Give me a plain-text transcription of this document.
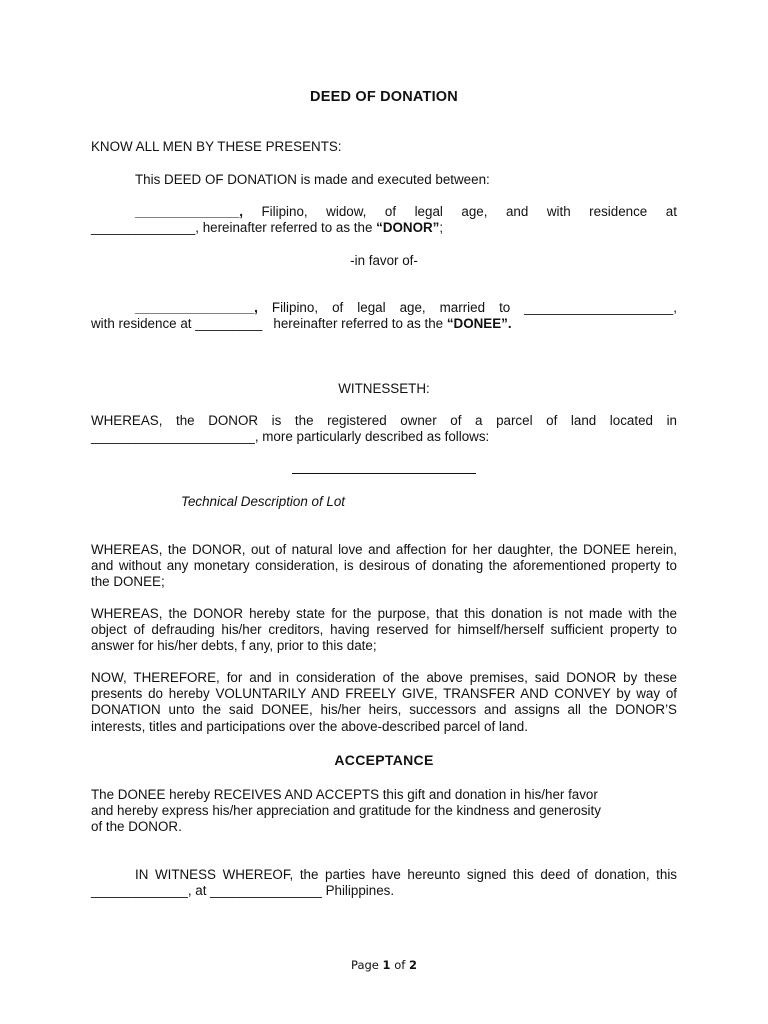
DEED OF DONATION
KNOW ALL MEN BY THESE PRESENTS:
This DEED OF DONATION is made and executed between:
______________, Filipino, widow, of legal age, and with residence at
______________, hereinafter referred to as the “DONOR”;
-in favor of-
________________, Filipino, of legal age, married to ____________________,
with residence at _________   hereinafter referred to as the “DONEE”.
WITNESSETH:
WHEREAS, the DONOR is the registered owner of a parcel of land located in ______________________, more particularly described as follows:
Technical Description of Lot
WHEREAS, the DONOR, out of natural love and affection for her daughter, the DONEE herein, and without any monetary consideration, is desirous of donating the aforementioned property to the DONEE;
WHEREAS, the DONOR hereby state for the purpose, that this donation is not made with the object of defrauding his/her creditors, having reserved for himself/herself sufficient property to answer for his/her debts, f any, prior to this date;
NOW, THEREFORE, for and in consideration of the above premises, said DONOR by these presents do hereby VOLUNTARILY AND FREELY GIVE, TRANSFER AND CONVEY by way of DONATION unto the said DONEE, his/her heirs, successors and assigns all the DONOR’S interests, titles and participations over the above-described parcel of land.
ACCEPTANCE
The DONEE hereby RECEIVES AND ACCEPTS this gift and donation in his/her favor
and hereby express his/her appreciation and gratitude for the kindness and generosity
of the DONOR.
IN WITNESS WHEREOF, the parties have hereunto signed this deed of donation, this _____________, at _______________ Philippines.
Page 1 of 2
